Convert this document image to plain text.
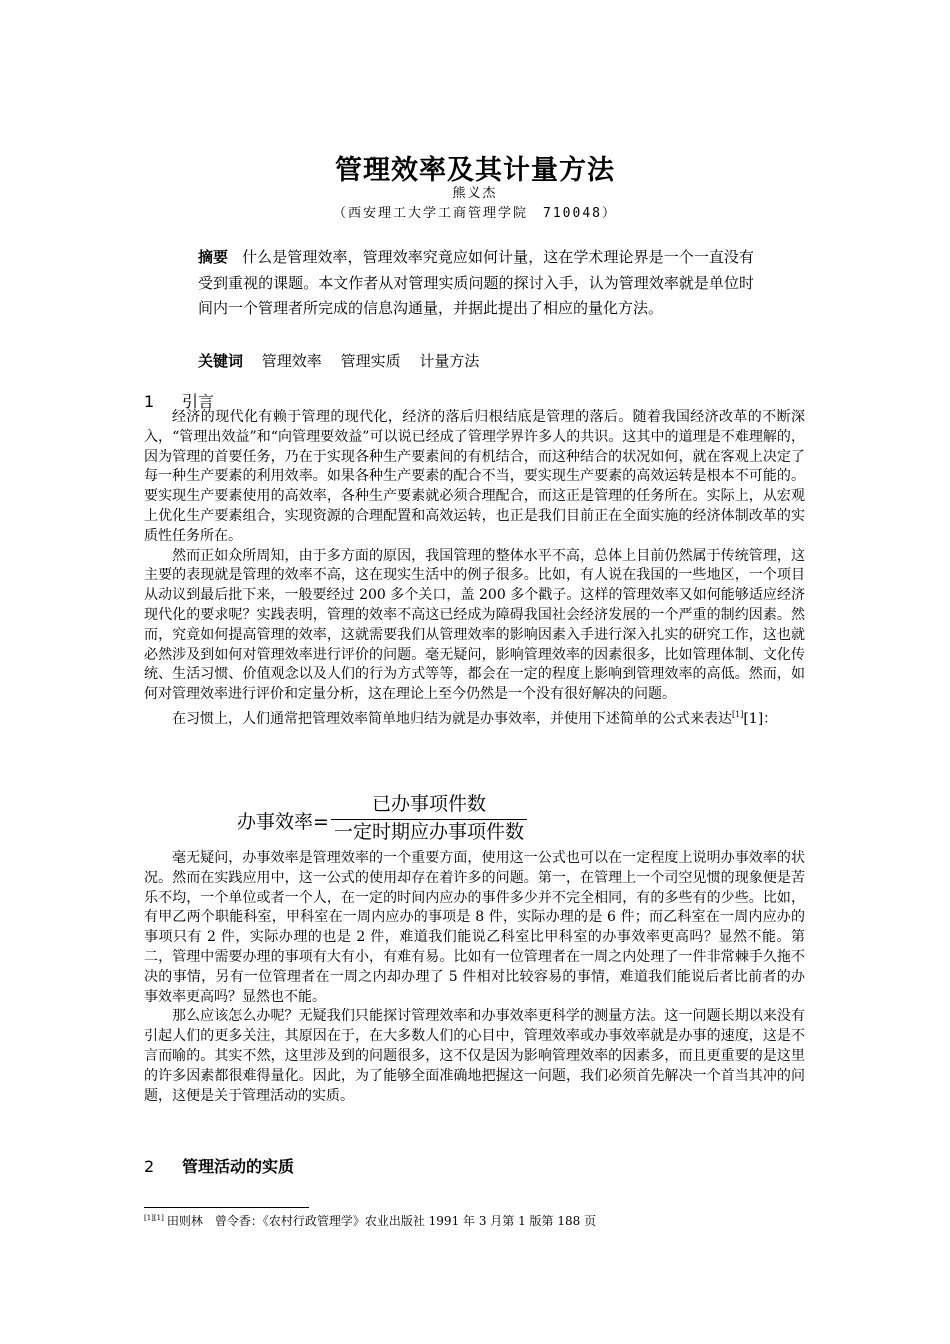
管理效率及其计量方法
熊义杰
（西安理工大学工商管理学院　710048）
摘要 什么是管理效率，管理效率究竟应如何计量，这在学术理论界是一个一直没有受到重视的课题。本文作者从对管理实质问题的探讨入手，认为管理效率就是单位时间内一个管理者所完成的信息沟通量，并据此提出了相应的量化方法。
关键词 管理效率 管理实质 计量方法
1 引言

经济的现代化有赖于管理的现代化，经济的落后归根结底是管理的落后。随着我国经济改革的不断深入，“管理出效益”和“向管理要效益”可以说已经成了管理学界许多人的共识。这其中的道理是不难理解的，因为管理的首要任务，乃在于实现各种生产要素间的有机结合，而这种结合的状况如何，就在客观上决定了每一种生产要素的利用效率。如果各种生产要素的配合不当，要实现生产要素的高效运转是根本不可能的。要实现生产要素使用的高效率，各种生产要素就必须合理配合，而这正是管理的任务所在。实际上，从宏观上优化生产要素组合，实现资源的合理配置和高效运转，也正是我们目前正在全面实施的经济体制改革的实质性任务所在。

然而正如众所周知，由于多方面的原因，我国管理的整体水平不高，总体上目前仍然属于传统管理，这主要的表现就是管理的效率不高，这在现实生活中的例子很多。比如，有人说在我国的一些地区，一个项目从动议到最后批下来，一般要经过 200 多个关口，盖 200 多个戳子。这样的管理效率又如何能够适应经济现代化的要求呢？实践表明，管理的效率不高这已经成为障碍我国社会经济发展的一个严重的制约因素。然而，究竟如何提高管理的效率，这就需要我们从管理效率的影响因素入手进行深入扎实的研究工作，这也就必然涉及到如何对管理效率进行评价的问题。毫无疑问，影响管理效率的因素很多，比如管理体制、文化传统、生活习惯、价值观念以及人们的行为方式等等，都会在一定的程度上影响到管理效率的高低。然而，如何对管理效率进行评价和定量分析，这在理论上至今仍然是一个没有很好解决的问题。

在习惯上，人们通常把管理效率简单地归结为就是办事效率，并使用下述简单的公式来表达[1][1]：

办事效率=
已办事项件数
一定时期应办事项件数

毫无疑问，办事效率是管理效率的一个重要方面，使用这一公式也可以在一定程度上说明办事效率的状况。然而在实践应用中，这一公式的使用却存在着许多的问题。第一，在管理上一个司空见惯的现象便是苦乐不均，一个单位或者一个人，在一定的时间内应办的事件多少并不完全相同，有的多些有的少些。比如，有甲乙两个职能科室，甲科室在一周内应办的事项是 8 件，实际办理的是 6 件；而乙科室在一周内应办的事项只有 2 件，实际办理的也是 2 件，难道我们能说乙科室比甲科室的办事效率更高吗？显然不能。第二，管理中需要办理的事项有大有小，有难有易。比如有一位管理者在一周之内处理了一件非常棘手久拖不决的事情，另有一位管理者在一周之内却办理了 5 件相对比较容易的事情，难道我们能说后者比前者的办事效率更高吗？显然也不能。

那么应该怎么办呢？无疑我们只能探讨管理效率和办事效率更科学的测量方法。这一问题长期以来没有引起人们的更多关注，其原因在于，在大多数人们的心目中，管理效率或办事效率就是办事的速度，这是不言而喻的。其实不然，这里涉及到的问题很多，这不仅是因为影响管理效率的因素多，而且更重要的是这里的许多因素都很难得量化。因此，为了能够全面准确地把握这一问题，我们必须首先解决一个首当其冲的问题，这便是关于管理活动的实质。

2 管理活动的实质
[1][1] 田则林　曾令香：《农村行政管理学》农业出版社 1991 年 3 月第 1 版第 188 页
